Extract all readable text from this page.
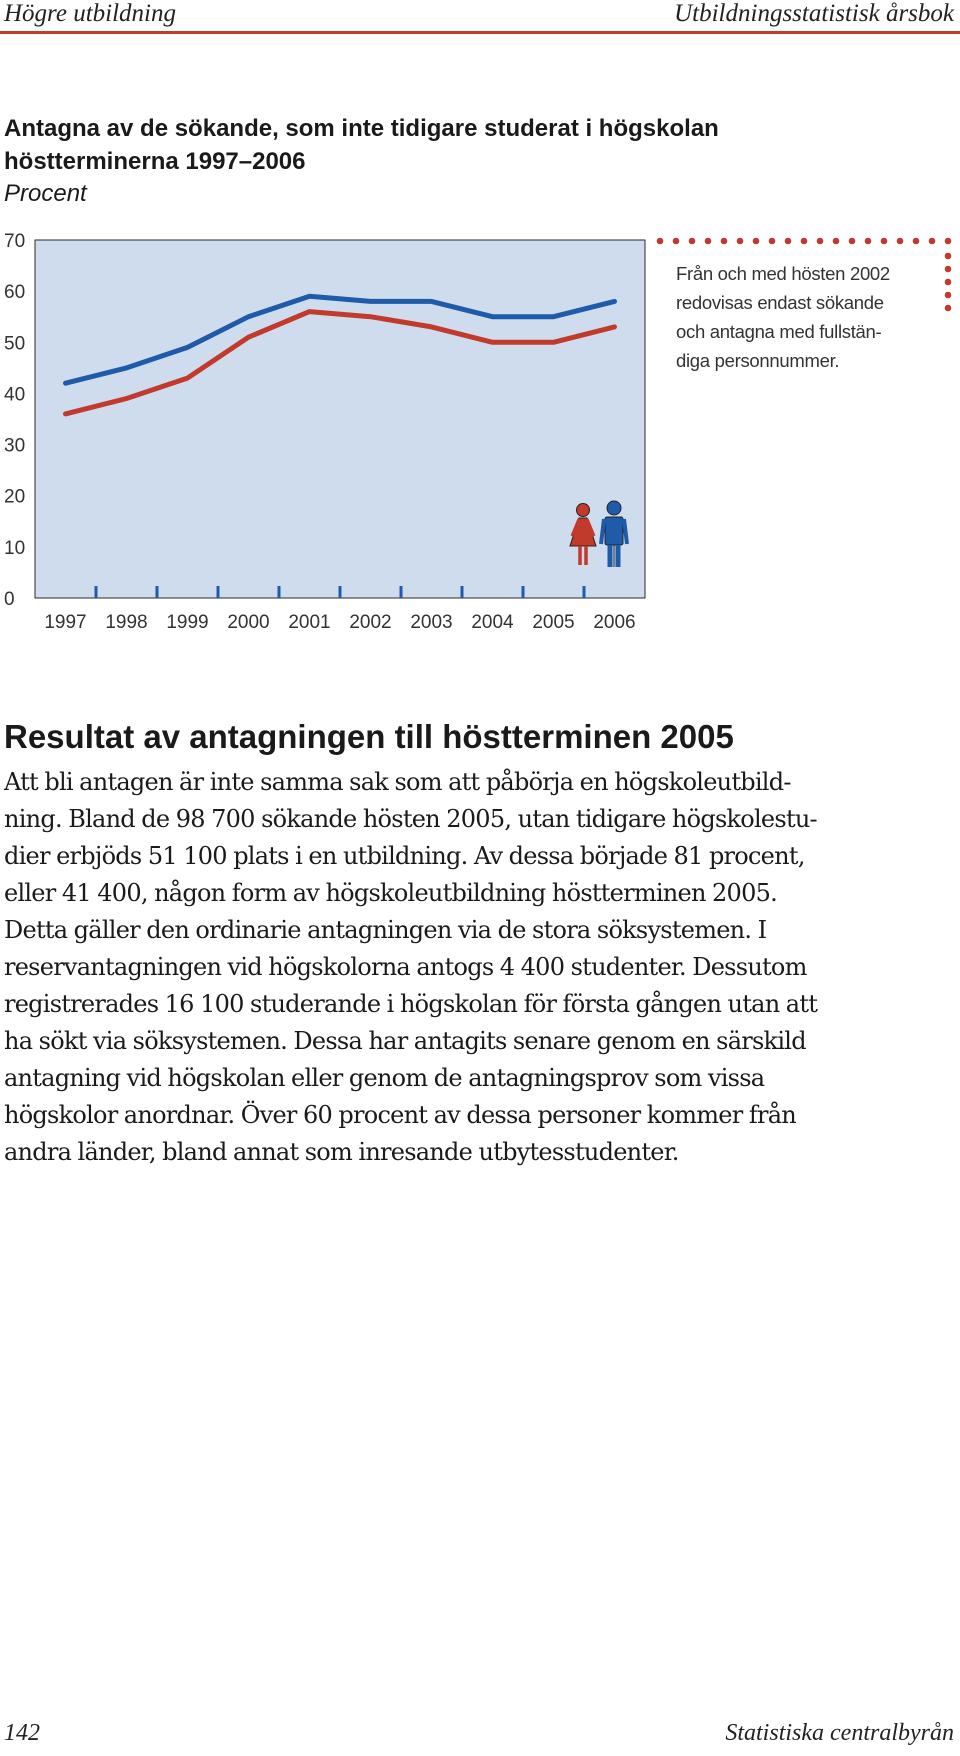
Högre utbildning	Utbildningsstatistisk årsbok
Antagna av de sökande, som inte tidigare studerat i högskolan
höstterminerna 1997–2006
Procent
0
10
20
30
40
50
60
70
1997 1998 1999 2000 2001 2002 2003 2004 2005 2006
Från och med hösten 2002
redovisas endast sökande
och antagna med fullstän-
diga personnummer.
Resultat av antagningen till höstterminen 2005
Att bli antagen är inte samma sak som att påbörja en högskoleutbild-
ning. Bland de 98 700 sökande hösten 2005, utan tidigare högskolestu-
dier erbjöds 51 100 plats i en utbildning. Av dessa började 81 procent,
eller 41 400, någon form av högskoleutbildning höstterminen 2005.
Detta gäller den ordinarie antagningen via de stora söksystemen. I
reservantagningen vid högskolorna antogs 4 400 studenter. Dessutom
registrerades 16 100 studerande i högskolan för första gången utan att
ha sökt via söksystemen. Dessa har antagits senare genom en särskild
antagning vid högskolan eller genom de antagningsprov som vissa
högskolor anordnar. Över 60 procent av dessa personer kommer från
andra länder, bland annat som inresande utbytesstudenter.
142	Statistiska centralbyrån
